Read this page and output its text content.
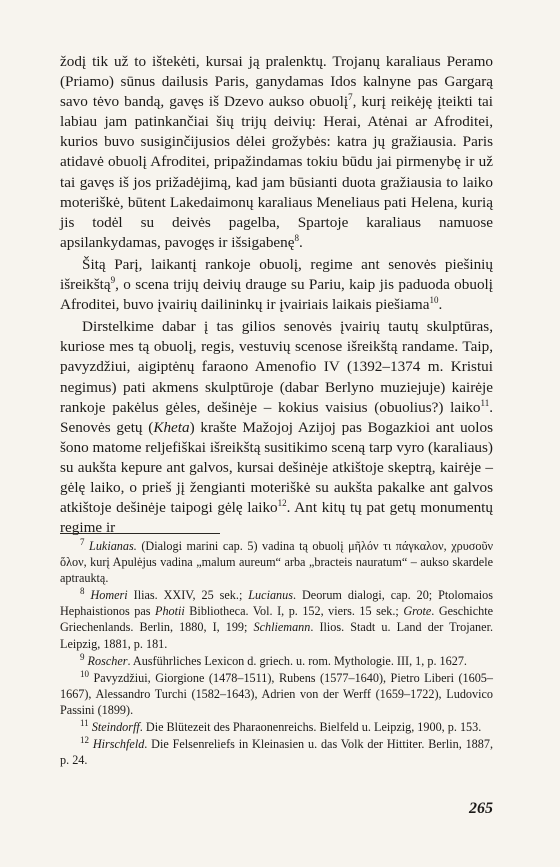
žodį tik už to ištekėti, kursai ją pralenktų. Trojanų karaliaus Peramo (Priamo) sūnus dailusis Paris, ganydamas Idos kalnyne pas Gargarą savo tėvo bandą, gavęs iš Dzevo aukso obuolį$^7$, kurį reikėję įteikti tai labiau jam patinkančiai šių trijų deivių: Herai, Atėnai ar Afroditei, kurios buvo susiginčijusios dėlei grožybės: katra jų gražiausia. Paris atidavė obuolį Afroditei, pripažindamas tokiu būdu jai pirmenybę ir už tai gavęs iš jos prižadėjimą, kad jam būsianti duota gražiausia to laiko moteriškė, būtent Lakedaimonų karaliaus Meneliaus pati Helena, kurią jis todėl su deivės pagelba, Spartoje karaliaus namuose apsilankydamas, pavogęs ir išsigabenę$^8$.

Šitą Parį, laikantį rankoje obuolį, regime ant senovės piešinių išreikštą$^9$, o scena trijų deivių drauge su Pariu, kaip jis paduoda obuolį Afroditei, buvo įvairių dailininkų ir įvairiais laikais piešiama$^{10}$.

Dirstelkime dabar į tas gilios senovės įvairių tautų skulptūras, kuriose mes tą obuolį, regis, vestuvių scenose išreikštą randame. Taip, pavyzdžiui, aigiptėnų faraono Amenofio IV (1392–1374 m. Kristui negimus) pati akmens skulptūroje (dabar Berlyno muziejuje) kairėje rankoje pakėlus gėles, dešinėje – kokius vaisius (obuolius?) laiko$^{11}$. Senovės getų (Kheta) krašte Mažojoj Azijoj pas Bogazkioi ant uolos šono matome reljefiškai išreikštą susitikimo sceną tarp vyro (karaliaus) su aukšta kepure ant galvos, kursai dešinėje atkištoje skeptrą, kairėje – gėlę laiko, o prieš jį žengianti moteriškė su aukšta pakalke ant galvos atkištoje dešinėje taipogi gėlę laiko$^{12}$. Ant kitų tų pat getų monumentų regime ir

$^7$ Lukianas. (Dialogi marini cap. 5) vadina tą obuolį μῆλόν τι πάγκαλον, χρυσοῦν ὅλον, kurį Apulėjus vadina „malum aureum“ arba „bracteis nauratum“ – aukso skardele aptrauktą.

$^8$ Homeri Ilias. XXIV, 25 sek.; Lucianus. Deorum dialogi, cap. 20; Ptolomaios Hephaistionos pas Photii Bibliotheca. Vol. I, p. 152, viers. 15 sek.; Grote. Geschichte Griechenlands. Berlin, 1880, I, 199; Schliemann. Ilios. Stadt u. Land der Trojaner. Leipzig, 1881, p. 181.

$^9$ Roscher. Ausführliches Lexicon d. griech. u. rom. Mythologie. III, 1, p. 1627.

$^{10}$ Pavyzdžiui, Giorgione (1478–1511), Rubens (1577–1640), Pietro Liberi (1605–1667), Alessandro Turchi (1582–1643), Adrien von der Werff (1659–1722), Ludovico Passini (1899).

$^{11}$ Steindorff. Die Blütezeit des Pharaonenreichs. Bielfeld u. Leipzig, 1900, p. 153.

$^{12}$ Hirschfeld. Die Felsenreliefs in Kleinasien u. das Volk der Hittiter. Berlin, 1887, p. 24.

265
